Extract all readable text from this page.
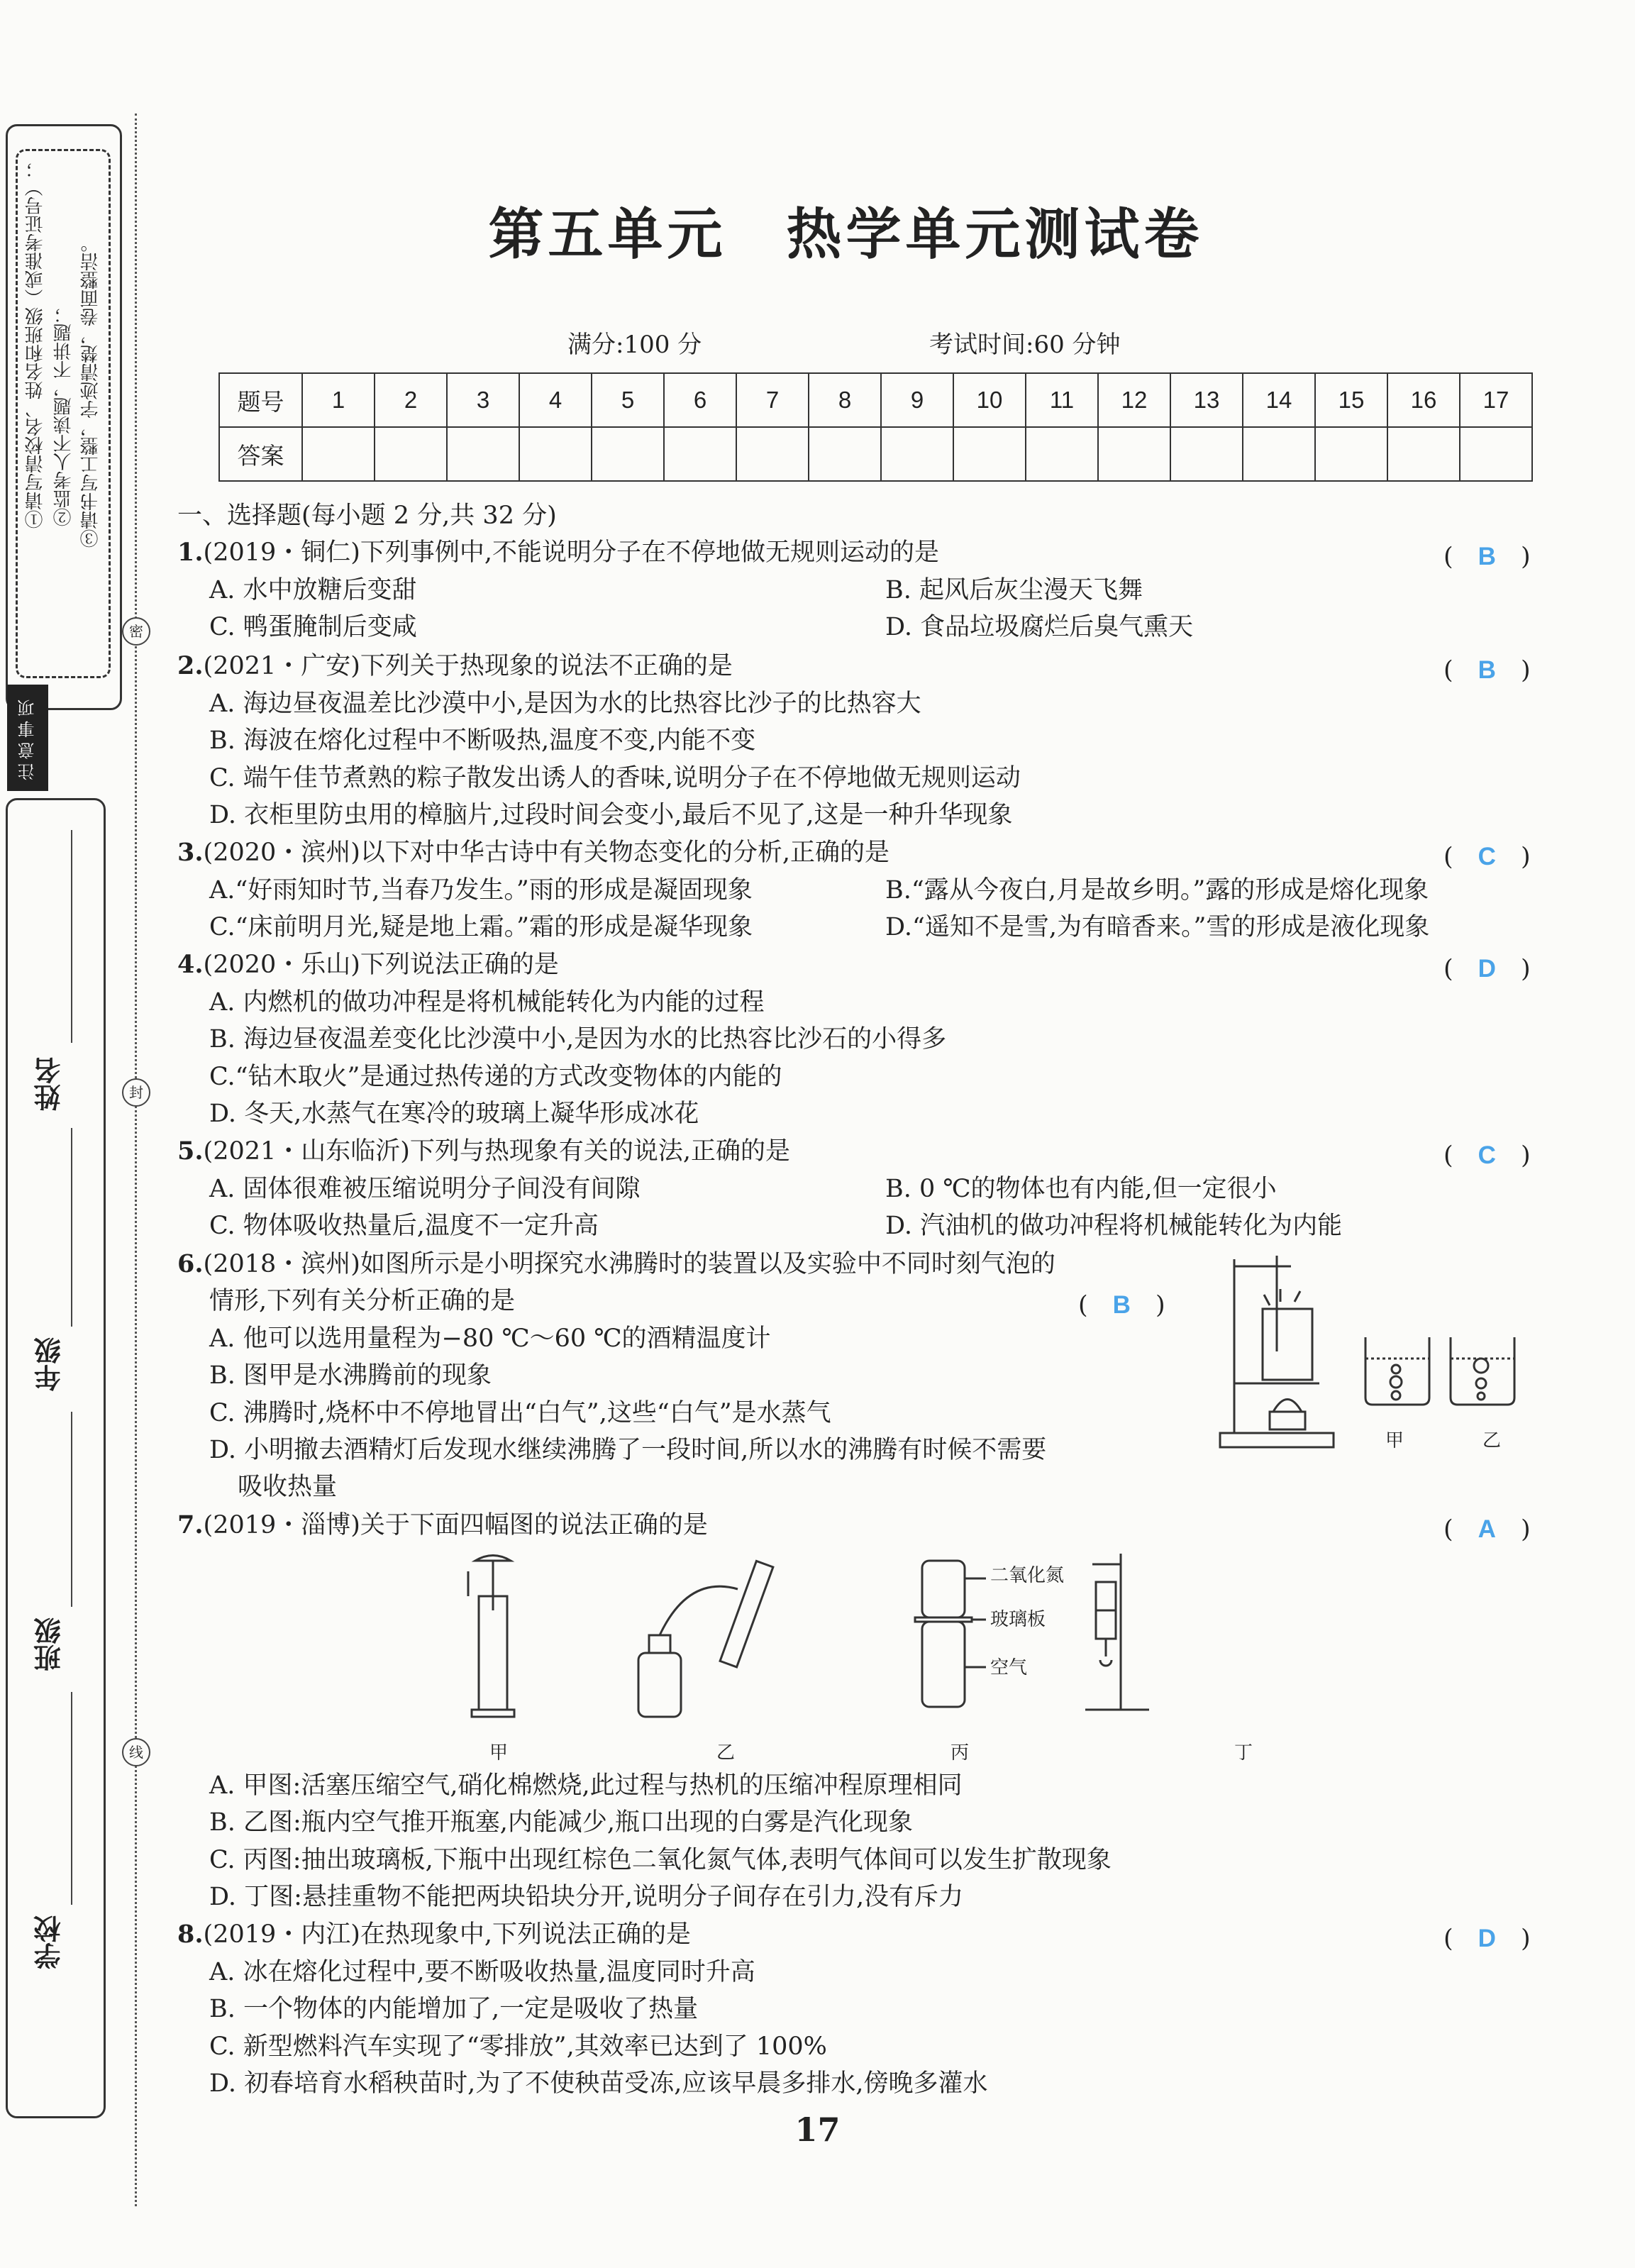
①请写清校名、姓名和班级（或准考证号）； ②监考人不读题，不讲题； ③请书写工整，字迹清楚，卷面整洁。
注意事项
姓名
年级
班级
学校
密
封
线
第五单元　热学单元测试卷
满分:100 分	考试时间:60 分钟
题号	1	2	3	4	5	6	7	8	9	10	11	12	13	14	15	16	17
答案																	
一、选择题(每小题 2 分,共 32 分)
1.(2019・铜仁)下列事例中,不能说明分子在不停地做无规则运动的是	(　B　)
A. 水中放糖后变甜	B. 起风后灰尘漫天飞舞
C. 鸭蛋腌制后变咸	D. 食品垃圾腐烂后臭气熏天
2.(2021・广安)下列关于热现象的说法不正确的是	(　B　)
A. 海边昼夜温差比沙漠中小,是因为水的比热容比沙子的比热容大
B. 海波在熔化过程中不断吸热,温度不变,内能不变
C. 端午佳节煮熟的粽子散发出诱人的香味,说明分子在不停地做无规则运动
D. 衣柜里防虫用的樟脑片,过段时间会变小,最后不见了,这是一种升华现象
3.(2020・滨州)以下对中华古诗中有关物态变化的分析,正确的是	(　C　)
A.“好雨知时节,当春乃发生。”雨的形成是凝固现象	B.“露从今夜白,月是故乡明。”露的形成是熔化现象
C.“床前明月光,疑是地上霜。”霜的形成是凝华现象	D.“遥知不是雪,为有暗香来。”雪的形成是液化现象
4.(2020・乐山)下列说法正确的是	(　D　)
A. 内燃机的做功冲程是将机械能转化为内能的过程
B. 海边昼夜温差变化比沙漠中小,是因为水的比热容比沙石的小得多
C.“钻木取火”是通过热传递的方式改变物体的内能的
D. 冬天,水蒸气在寒冷的玻璃上凝华形成冰花
5.(2021・山东临沂)下列与热现象有关的说法,正确的是	(　C　)
A. 固体很难被压缩说明分子间没有间隙	B. 0 ℃的物体也有内能,但一定很小
C. 物体吸收热量后,温度不一定升高	D. 汽油机的做功冲程将机械能转化为内能
6.(2018・滨州)如图所示是小明探究水沸腾时的装置以及实验中不同时刻气泡的
情形,下列有关分析正确的是	(　B　)
A. 他可以选用量程为−80 ℃～60 ℃的酒精温度计
B. 图甲是水沸腾前的现象
C. 沸腾时,烧杯中不停地冒出“白气”,这些“白气”是水蒸气
D. 小明撤去酒精灯后发现水继续沸腾了一段时间,所以水的沸腾有时候不需要
吸收热量
甲	乙
7.(2019・淄博)关于下面四幅图的说法正确的是	(　A　)
二氧化氮
玻璃板
空气
甲	乙	丙	丁
A. 甲图:活塞压缩空气,硝化棉燃烧,此过程与热机的压缩冲程原理相同
B. 乙图:瓶内空气推开瓶塞,内能减少,瓶口出现的白雾是汽化现象
C. 丙图:抽出玻璃板,下瓶中出现红棕色二氧化氮气体,表明气体间可以发生扩散现象
D. 丁图:悬挂重物不能把两块铅块分开,说明分子间存在引力,没有斥力
8.(2019・内江)在热现象中,下列说法正确的是	(　D　)
A. 冰在熔化过程中,要不断吸收热量,温度同时升高
B. 一个物体的内能增加了,一定是吸收了热量
C. 新型燃料汽车实现了“零排放”,其效率已达到了 100%
D. 初春培育水稻秧苗时,为了不使秧苗受冻,应该早晨多排水,傍晚多灌水
17
